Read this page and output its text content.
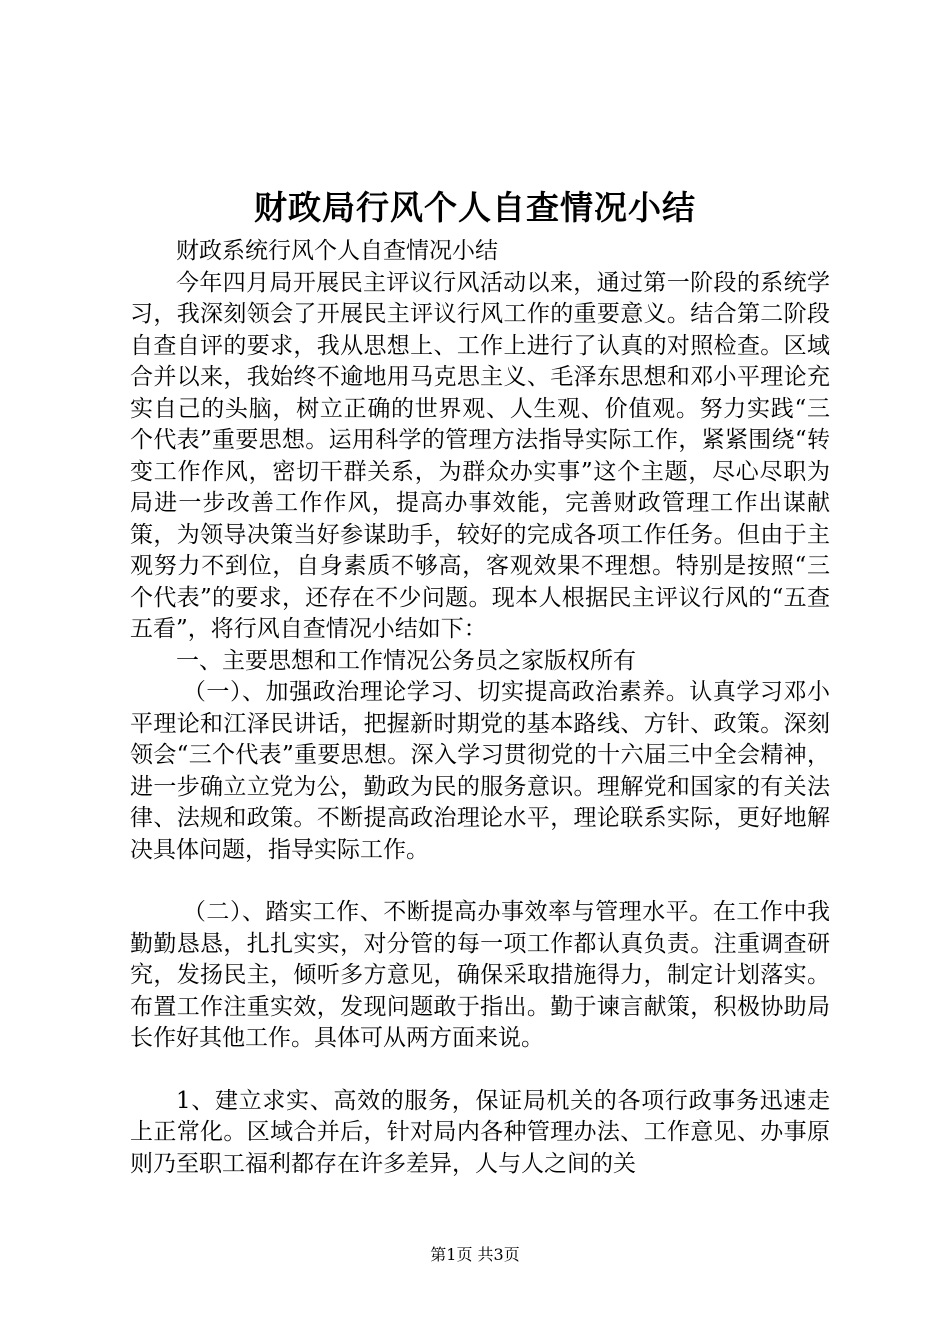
财政局行风个人自查情况小结

财政系统行风个人自查情况小结

今年四月局开展民主评议行风活动以来，通过第一阶段的系统学习，我深刻领会了开展民主评议行风工作的重要意义。结合第二阶段自查自评的要求，我从思想上、工作上进行了认真的对照检查。区域合并以来，我始终不逾地用马克思主义、毛泽东思想和邓小平理论充实自己的头脑，树立正确的世界观、人生观、价值观。努力实践“三个代表”重要思想。运用科学的管理方法指导实际工作，紧紧围绕“转变工作作风，密切干群关系，为群众办实事”这个主题，尽心尽职为局进一步改善工作作风，提高办事效能，完善财政管理工作出谋献策，为领导决策当好参谋助手，较好的完成各项工作任务。但由于主观努力不到位，自身素质不够高，客观效果不理想。特别是按照“三个代表”的要求，还存在不少问题。现本人根据民主评议行风的“五查五看”，将行风自查情况小结如下：

一、主要思想和工作情况公务员之家版权所有

（一）、加强政治理论学习、切实提高政治素养。认真学习邓小平理论和江泽民讲话，把握新时期党的基本路线、方针、政策。深刻领会“三个代表”重要思想。深入学习贯彻党的十六届三中全会精神，进一步确立立党为公，勤政为民的服务意识。理解党和国家的有关法律、法规和政策。不断提高政治理论水平，理论联系实际，更好地解决具体问题，指导实际工作。

（二）、踏实工作、不断提高办事效率与管理水平。在工作中我勤勤恳恳，扎扎实实，对分管的每一项工作都认真负责。注重调查研究，发扬民主，倾听多方意见，确保采取措施得力，制定计划落实。布置工作注重实效，发现问题敢于指出。勤于谏言献策，积极协助局长作好其他工作。具体可从两方面来说。

1、建立求实、高效的服务，保证局机关的各项行政事务迅速走上正常化。区域合并后，针对局内各种管理办法、工作意见、办事原则乃至职工福利都存在许多差异，人与人之间的关

第1页 共3页
